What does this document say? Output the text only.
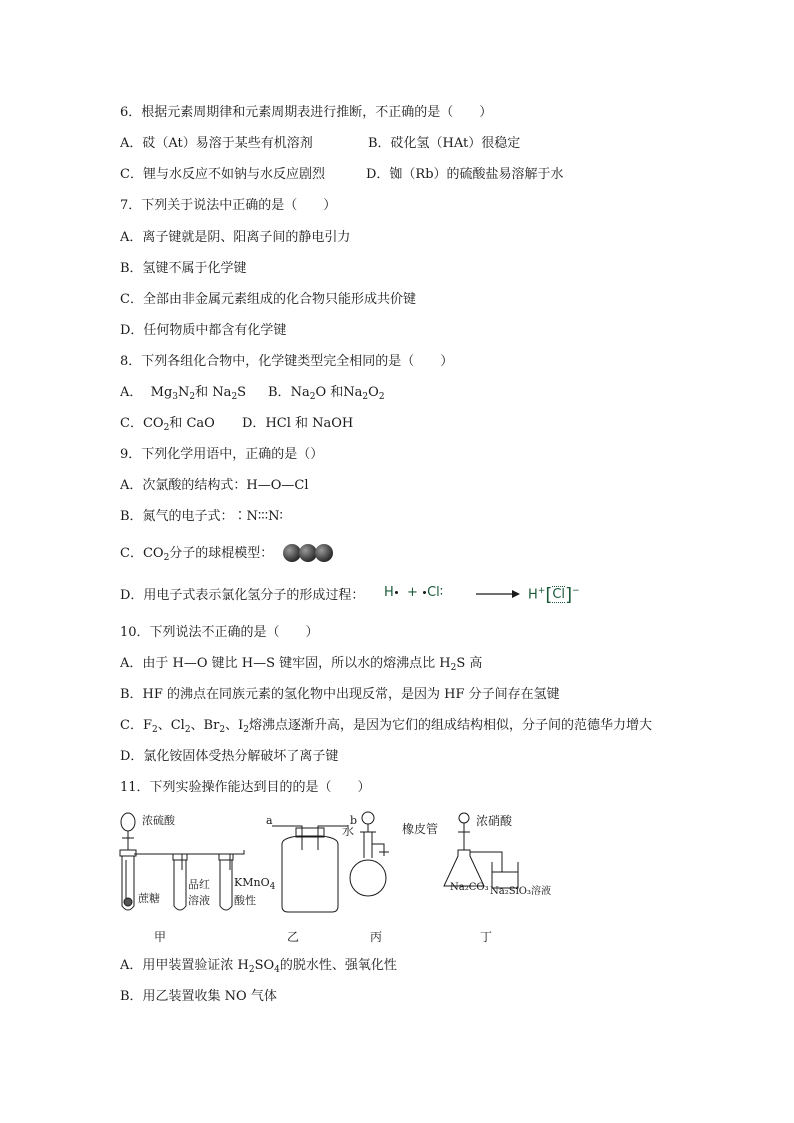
6．根据元素周期律和元素周期表进行推断，不正确的是（　　）
A．砹（At）易溶于某些有机溶剂	B．砹化氢（HAt）很稳定
C．锂与水反应不如钠与水反应剧烈	D．铷（Rb）的硫酸盐易溶解于水
7．下列关于说法中正确的是（　　）
A．离子键就是阴、阳离子间的静电引力
B．氢键不属于化学键
C．全部由非金属元素组成的化合物只能形成共价键
D．任何物质中都含有化学键
8．下列各组化合物中，化学键类型完全相同的是（　　）
A． $Mg_3N_2$和 $Na_2S$ B．$Na_2O$ 和$Na_2O_2$
C．$CO_2$和 CaO D．HCl 和 NaOH
9．下列化学用语中，正确的是（）
A．次氯酸的结构式：H—O—Cl
B．氮气的电子式：∶N∶∶∶N∶
C．$CO_2$分子的球棍模型：
D．用电子式表示氯化氢分子的形成过程： H + Cl∶ → H+[Cl]−
10．下列说法不正确的是（　　）
A．由于 H—O 键比 H—S 键牢固，所以水的熔沸点比 $H_2S$ 高
B．HF 的沸点在同族元素的氢化物中出现反常，是因为 HF 分子间存在氢键
C．$F_2$、$Cl_2$、$Br_2$、$I_2$熔沸点逐渐升高，是因为它们的组成结构相似，分子间的范德华力增大
D．氯化铵固体受热分解破坏了离子键
11．下列实验操作能达到目的的是（　　）
浓硫酸
蔗糖
品红
溶液
KMnO$_4$
酸性
a	b
水	橡皮管
浓硝酸
Na₂CO₃ Na₂SiO₃溶液
甲	乙	丙	丁
A．用甲装置验证浓 $H_2SO_4$的脱水性、强氧化性
B．用乙装置收集 NO 气体
